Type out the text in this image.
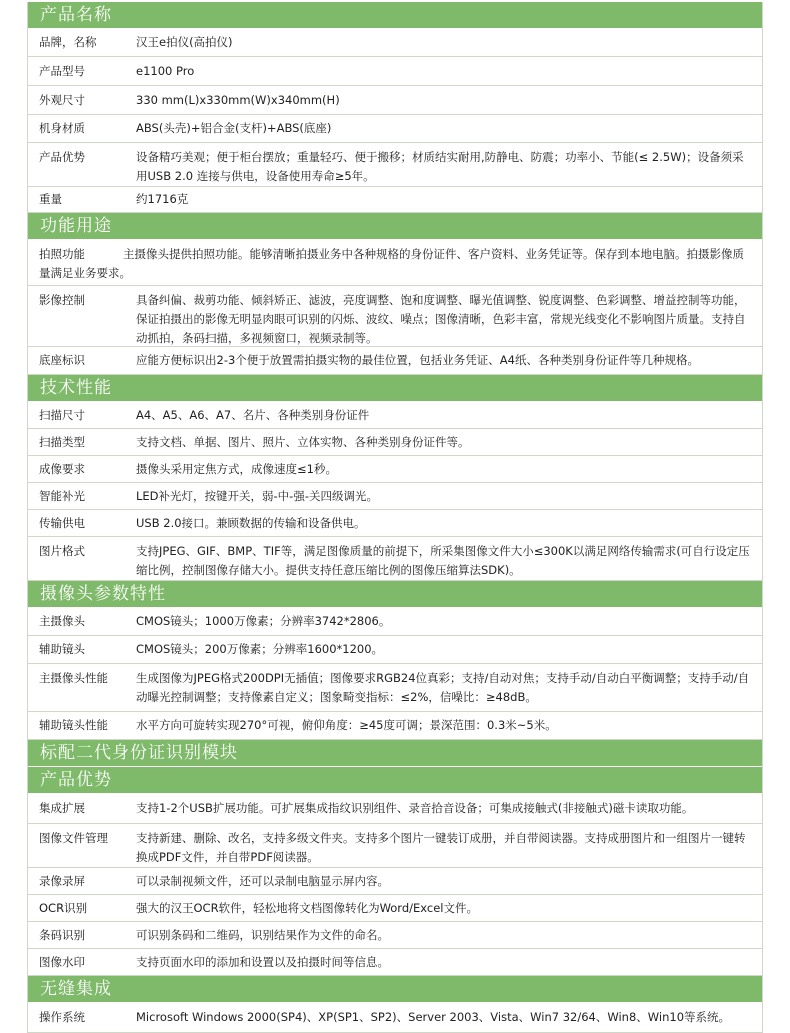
产品名称
品牌，名称	汉王e拍仪(高拍仪)
产品型号	e1100 Pro
外观尺寸	330 mm(L)x330mm(W)x340mm(H)
机身材质	ABS(头壳)+铝合金(支杆)+ABS(底座)
产品优势	设备精巧美观；便于柜台摆放；重量轻巧、便于搬移；材质结实耐用,防静电、防震；功率小、节能(≤ 2.5W)；设备须采用USB 2.0 连接与供电，设备使用寿命≥5年。
重量	约1716克
功能用途
拍照功能	主摄像头提供拍照功能。能够清晰拍摄业务中各种规格的身份证件、客户资料、业务凭证等。保存到本地电脑。拍摄影像质量满足业务要求。
影像控制	具备纠偏、裁剪功能、倾斜矫正、滤波，亮度调整、饱和度调整、曝光值调整、锐度调整、色彩调整、增益控制等功能，保证拍摄出的影像无明显肉眼可识别的闪烁、波纹、噪点；图像清晰，色彩丰富，常规光线变化不影响图片质量。支持自动抓拍，条码扫描，多视频窗口，视频录制等。
底座标识	应能方便标识出2-3个便于放置需拍摄实物的最佳位置，包括业务凭证、A4纸、各种类别身份证件等几种规格。
技术性能
扫描尺寸	A4、A5、A6、A7、名片、各种类别身份证件
扫描类型	支持文档、单据、图片、照片、立体实物、各种类别身份证件等。
成像要求	摄像头采用定焦方式，成像速度≤1秒。
智能补光	LED补光灯，按键开关，弱-中-强-关四级调光。
传输供电	USB 2.0接口。兼顾数据的传输和设备供电。
图片格式	支持JPEG、GIF、BMP、TIF等，满足图像质量的前提下，所采集图像文件大小≤300K以满足网络传输需求(可自行设定压缩比例，控制图像存储大小。提供支持任意压缩比例的图像压缩算法SDK)。
摄像头参数特性
主摄像头	CMOS镜头；1000万像素；分辨率3742*2806。
辅助镜头	CMOS镜头；200万像素；分辨率1600*1200。
主摄像头性能	生成图像为JPEG格式200DPI无插值；图像要求RGB24位真彩；支持/自动对焦；支持手动/自动白平衡调整；支持手动/自动曝光控制调整；支持像素自定义；图象畸变指标：≤2%，信噪比：≥48dB。
辅助镜头性能	水平方向可旋转实现270°可视，俯仰角度：≥45度可调；景深范围：0.3米~5米。
标配二代身份证识别模块
产品优势
集成扩展	支持1-2个USB扩展功能。可扩展集成指纹识别组件、录音拾音设备；可集成接触式(非接触式)磁卡读取功能。
图像文件管理	支持新建、删除、改名，支持多级文件夹。支持多个图片一键装订成册，并自带阅读器。支持成册图片和一组图片一键转换成PDF文件，并自带PDF阅读器。
录像录屏	可以录制视频文件，还可以录制电脑显示屏内容。
OCR识别	强大的汉王OCR软件，轻松地将文档图像转化为Word/Excel文件。
条码识别	可识别条码和二维码，识别结果作为文件的命名。
图像水印	支持页面水印的添加和设置以及拍摄时间等信息。
无缝集成
操作系统	Microsoft Windows 2000(SP4)、XP(SP1、SP2)、Server 2003、Vista、Win7 32/64、Win8、Win10等系统。
